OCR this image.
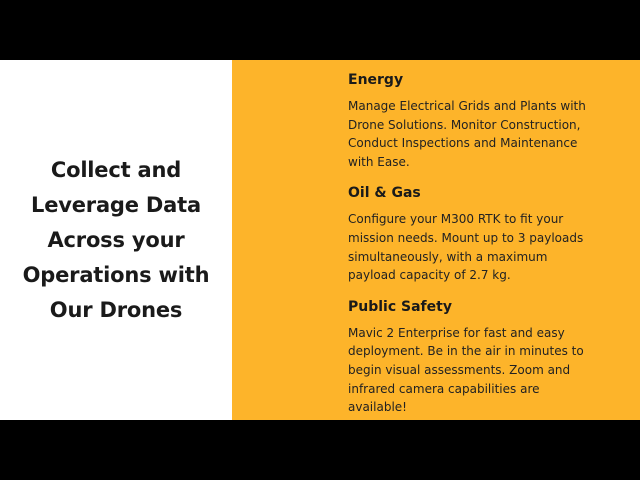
Collect and
Leverage Data
Across your
Operations with
Our Drones
Energy

Manage Electrical Grids and Plants with
Drone Solutions. Monitor Construction,
Conduct Inspections and Maintenance
with Ease.

Oil & Gas

Configure your M300 RTK to fit your
mission needs. Mount up to 3 payloads
simultaneously, with a maximum
payload capacity of 2.7 kg.

Public Safety

Mavic 2 Enterprise for fast and easy
deployment. Be in the air in minutes to
begin visual assessments. Zoom and
infrared camera capabilities are
available!
